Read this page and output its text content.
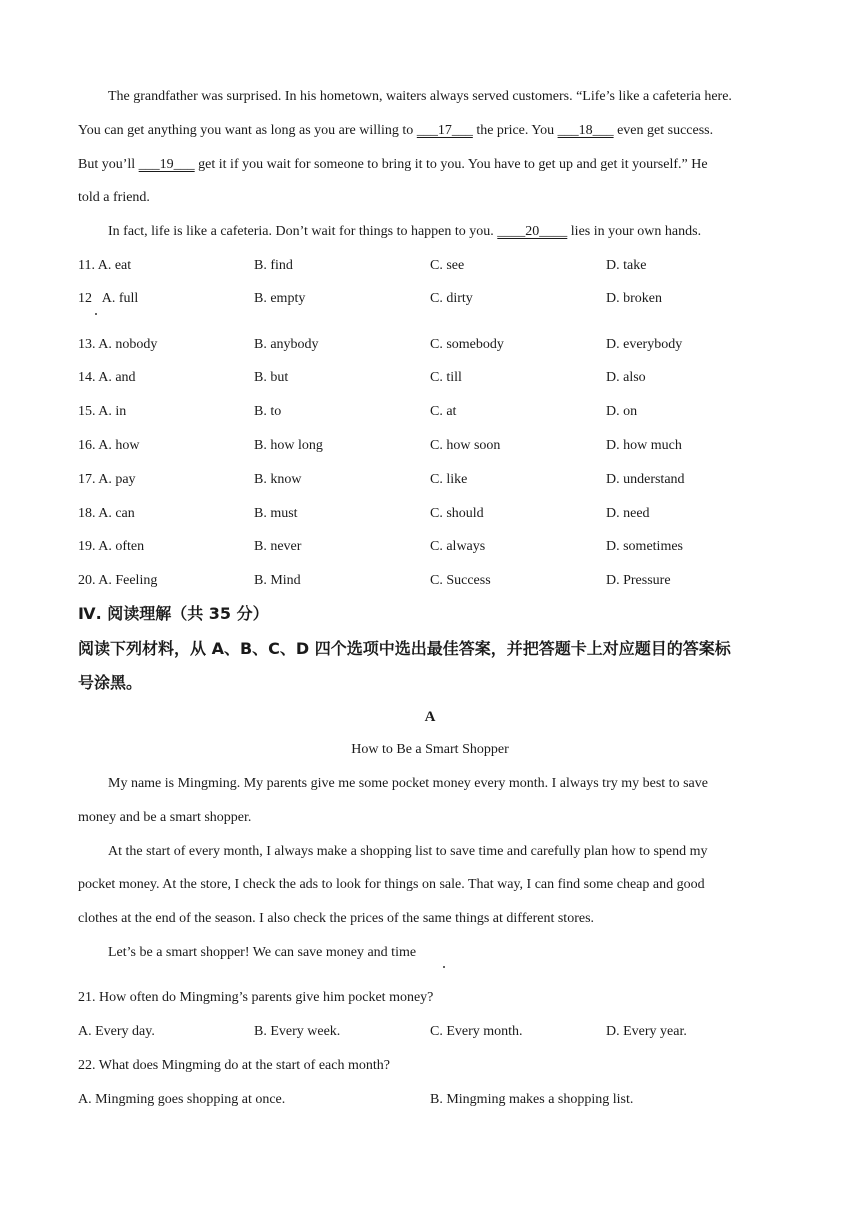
The grandfather was surprised. In his hometown, waiters always served customers. “Life’s like a cafeteria here.
You can get anything you want as long as you are willing to ___17___ the price. You ___18___ even get success.
But you’ll ___19___ get it if you wait for someone to bring it to you. You have to get up and get it yourself.” He
told a friend.
In fact, life is like a cafeteria. Don’t wait for things to happen to you. ____20____ lies in your own hands.
11. A. eat	B. find	C. see	D. take
12   A. full	B. empty	C. dirty	D. broken
13. A. nobody	B. anybody	C. somebody	D. everybody
14. A. and	B. but	C. till	D. also
15. A. in	B. to	C. at	D. on
16. A. how	B. how long	C. how soon	D. how much
17. A. pay	B. know	C. like	D. understand
18. A. can	B. must	C. should	D. need
19. A. often	B. never	C. always	D. sometimes
20. A. Feeling	B. Mind	C. Success	D. Pressure
Ⅳ. 阅读理解（共 35 分）
阅读下列材料，从 A、B、C、D 四个选项中选出最佳答案，并把答题卡上对应题目的答案标
号涂黑。
A
How to Be a Smart Shopper
My name is Mingming. My parents give me some pocket money every month. I always try my best to save
money and be a smart shopper.
At the start of every month, I always make a shopping list to save time and carefully plan how to spend my
pocket money. At the store, I check the ads to look for things on sale. That way, I can find some cheap and good
clothes at the end of the season. I also check the prices of the same things at different stores.
Let’s be a smart shopper! We can save money and time
21. How often do Mingming’s parents give him pocket money?
A. Every day.	B. Every week.	C. Every month.	D. Every year.
22. What does Mingming do at the start of each month?
A. Mingming goes shopping at once.	B. Mingming makes a shopping list.
